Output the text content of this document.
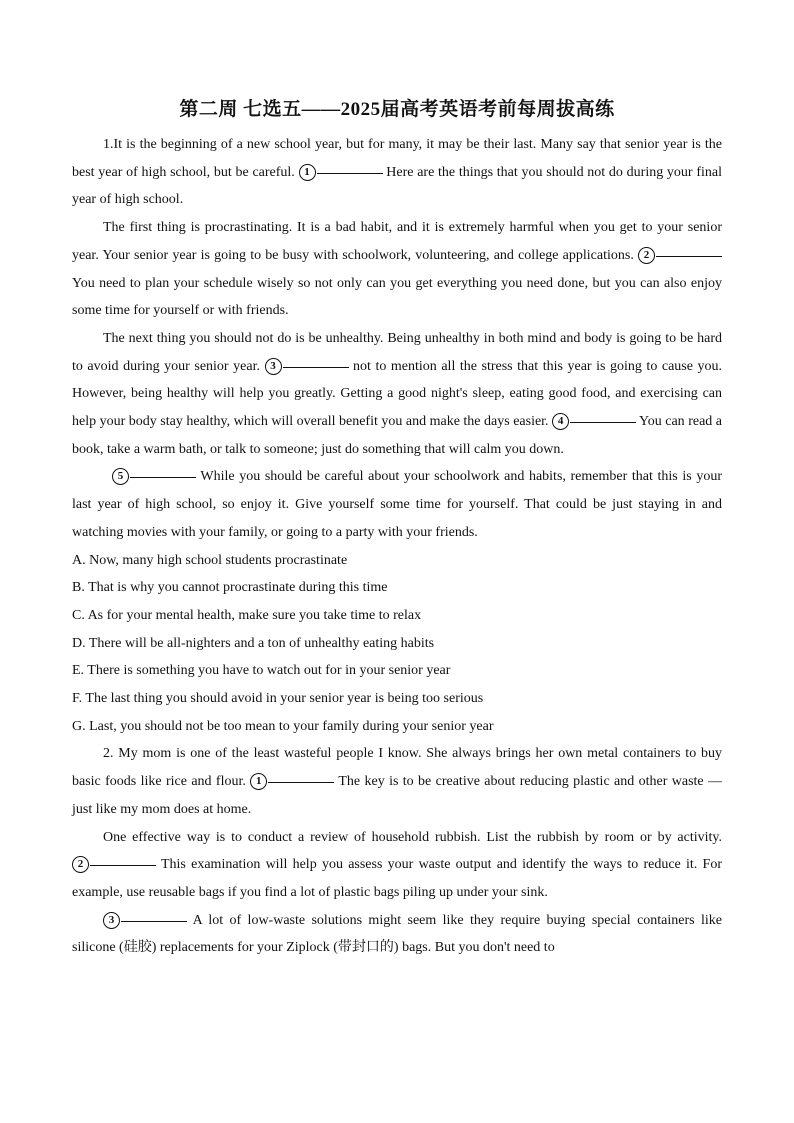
第二周 七选五——2025届高考英语考前每周拔高练

1.It is the beginning of a new school year, but for many, it may be their last. Many say that senior year is the best year of high school, but be careful. 1	Here are the things that you should not do during your final year of high school.

The first thing is procrastinating. It is a bad habit, and it is extremely harmful when you get to your senior year. Your senior year is going to be busy with schoolwork, volunteering, and college applications. 2 You need to plan your schedule wisely so not only can you get everything you need done, but you can also enjoy some time for yourself or with friends.

The next thing you should not do is be unhealthy. Being unhealthy in both mind and body is going to be hard to avoid during your senior year. 3	not to mention all the stress that this year is going to cause you. However, being healthy will help you greatly. Getting a good night's sleep, eating good food, and exercising can help your body stay healthy, which will overall benefit you and make the days easier. 4	You can read a book, take a warm bath, or talk to someone; just do something that will calm you down.

5	While you should be careful about your schoolwork and habits, remember that this is your last year of high school, so enjoy it. Give yourself some time for yourself. That could be just staying in and watching movies with your family, or going to a party with your friends.

A. Now, many high school students procrastinate

B. That is why you cannot procrastinate during this time

C. As for your mental health, make sure you take time to relax

D. There will be all-nighters and a ton of unhealthy eating habits

E. There is something you have to watch out for in your senior year

F. The last thing you should avoid in your senior year is being too serious

G. Last, you should not be too mean to your family during your senior year

2. My mom is one of the least wasteful people I know. She always brings her own metal containers to buy basic foods like rice and flour. 1	The key is to be creative about reducing plastic and other waste — just like my mom does at home.

One effective way is to conduct a review of household rubbish. List the rubbish by room or by activity. 2	This examination will help you assess your waste output and identify the ways to reduce it. For example, use reusable bags if you find a lot of plastic bags piling up under your sink.

3	A lot of low-waste solutions might seem like they require buying special containers like silicone (硅胶) replacements for your Ziplock (带封口的) bags. But you don't need to
